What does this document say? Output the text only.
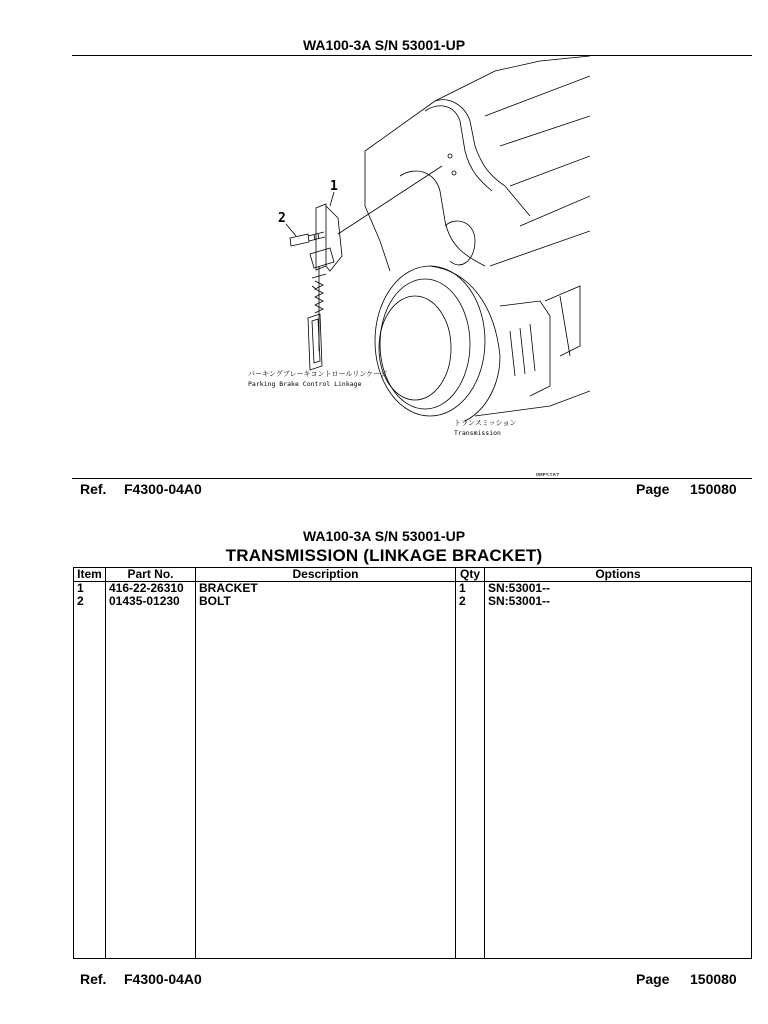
WA100-3A S/N 53001-UP
1
2
パーキングブレーキコントロールリンケージ
Parking Brake Control Linkage
トランスミッション
Transmission
PMES187
Ref. F4300-04A0	Page 150080
WA100-3A S/N 53001-UP
TRANSMISSION (LINKAGE BRACKET)
Item	Part No.	Description	Qty	Options
1	416-22-26310	BRACKET	1	SN:53001--
2	01435-01230	BOLT	2	SN:53001--

Ref. F4300-04A0	Page 150080
